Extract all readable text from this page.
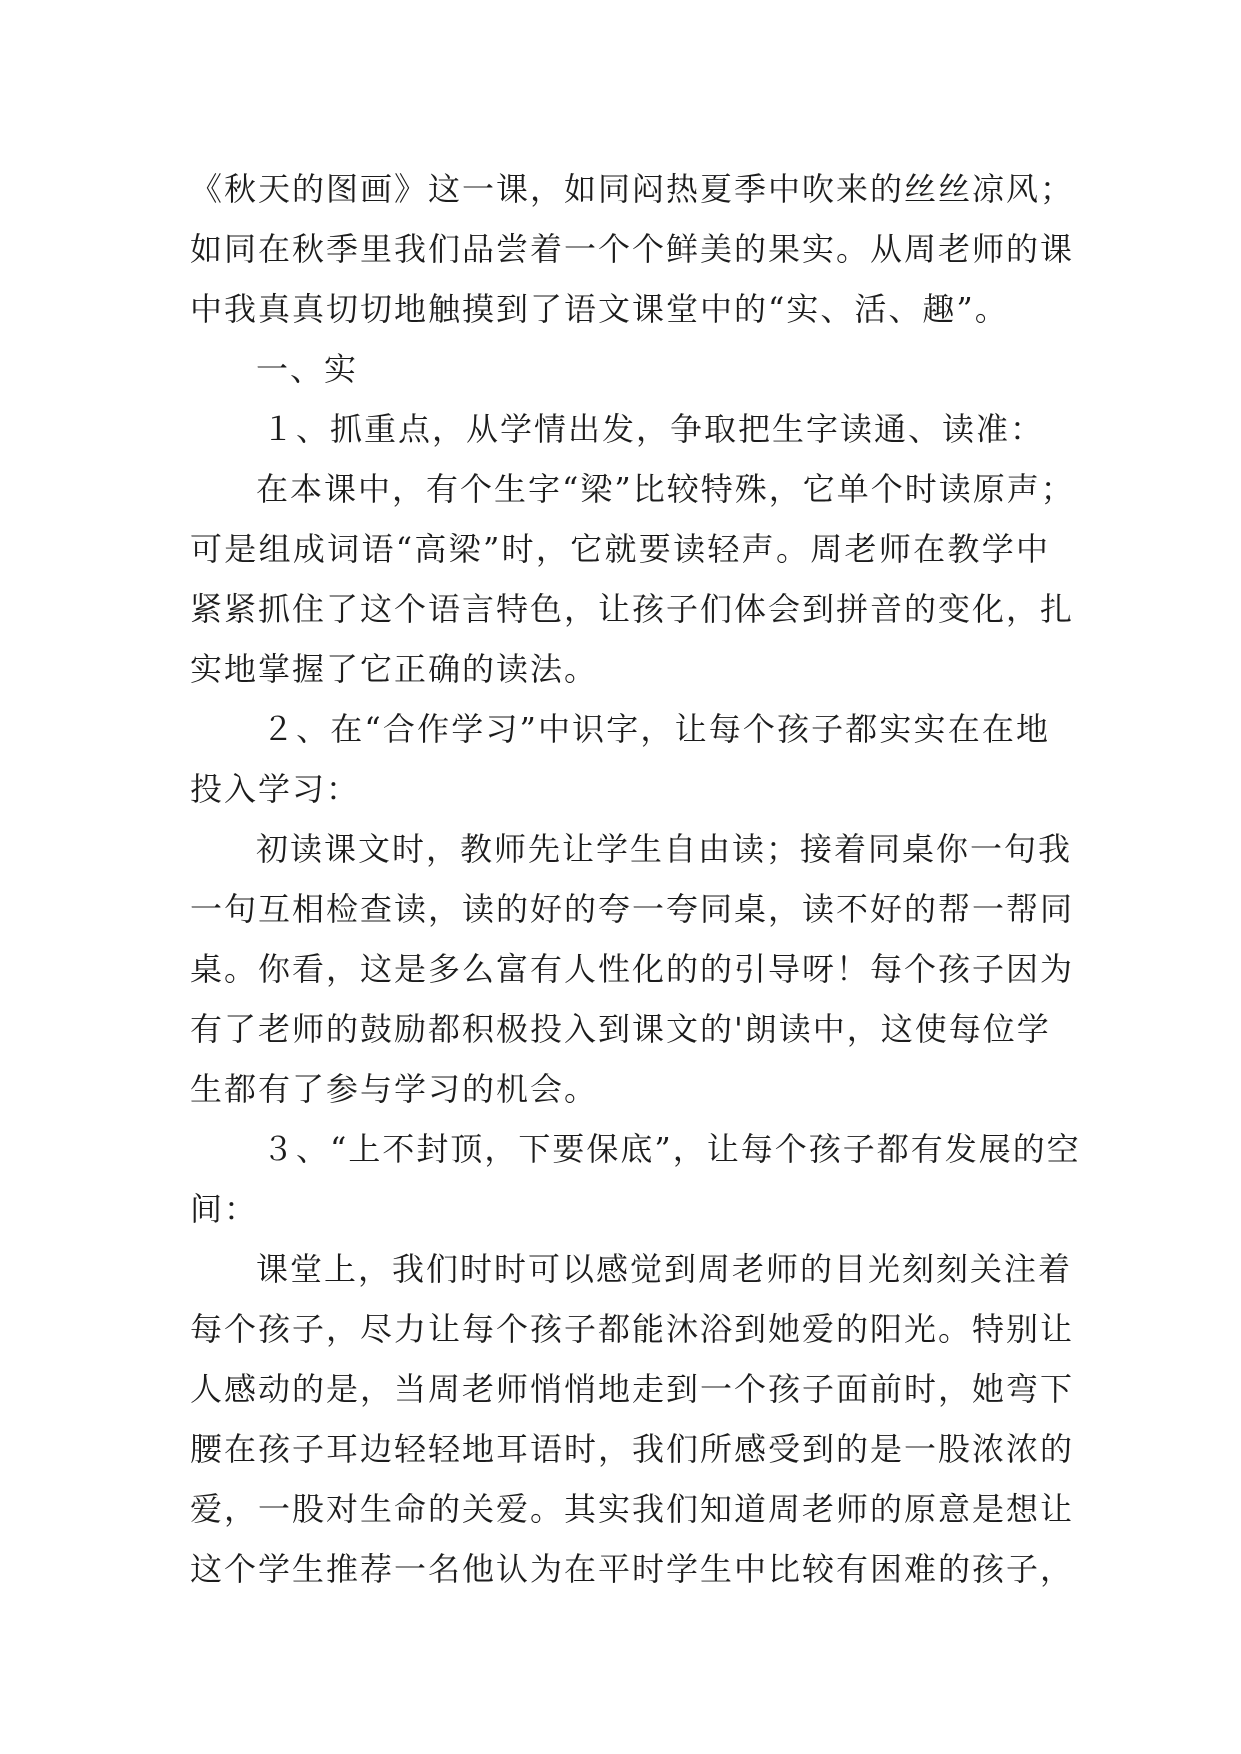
《秋天的图画》这一课，如同闷热夏季中吹来的丝丝凉风；

如同在秋季里我们品尝着一个个鲜美的果实。从周老师的课

中我真真切切地触摸到了语文课堂中的“实、活、趣”。

一、实

１、抓重点，从学情出发，争取把生字读通、读准：

在本课中，有个生字“梁”比较特殊，它单个时读原声；

可是组成词语“高梁”时，它就要读轻声。周老师在教学中

紧紧抓住了这个语言特色，让孩子们体会到拼音的变化，扎

实地掌握了它正确的读法。

２、在“合作学习”中识字，让每个孩子都实实在在地

投入学习：

初读课文时，教师先让学生自由读；接着同桌你一句我

一句互相检查读，读的好的夸一夸同桌，读不好的帮一帮同

桌。你看，这是多么富有人性化的的引导呀！每个孩子因为

有了老师的鼓励都积极投入到课文的'朗读中，这使每位学

生都有了参与学习的机会。

３、“上不封顶，下要保底”，让每个孩子都有发展的空

间：

课堂上，我们时时可以感觉到周老师的目光刻刻关注着

每个孩子，尽力让每个孩子都能沐浴到她爱的阳光。特别让

人感动的是，当周老师悄悄地走到一个孩子面前时，她弯下

腰在孩子耳边轻轻地耳语时，我们所感受到的是一股浓浓的

爱，一股对生命的关爱。其实我们知道周老师的原意是想让

这个学生推荐一名他认为在平时学生中比较有困难的孩子，
